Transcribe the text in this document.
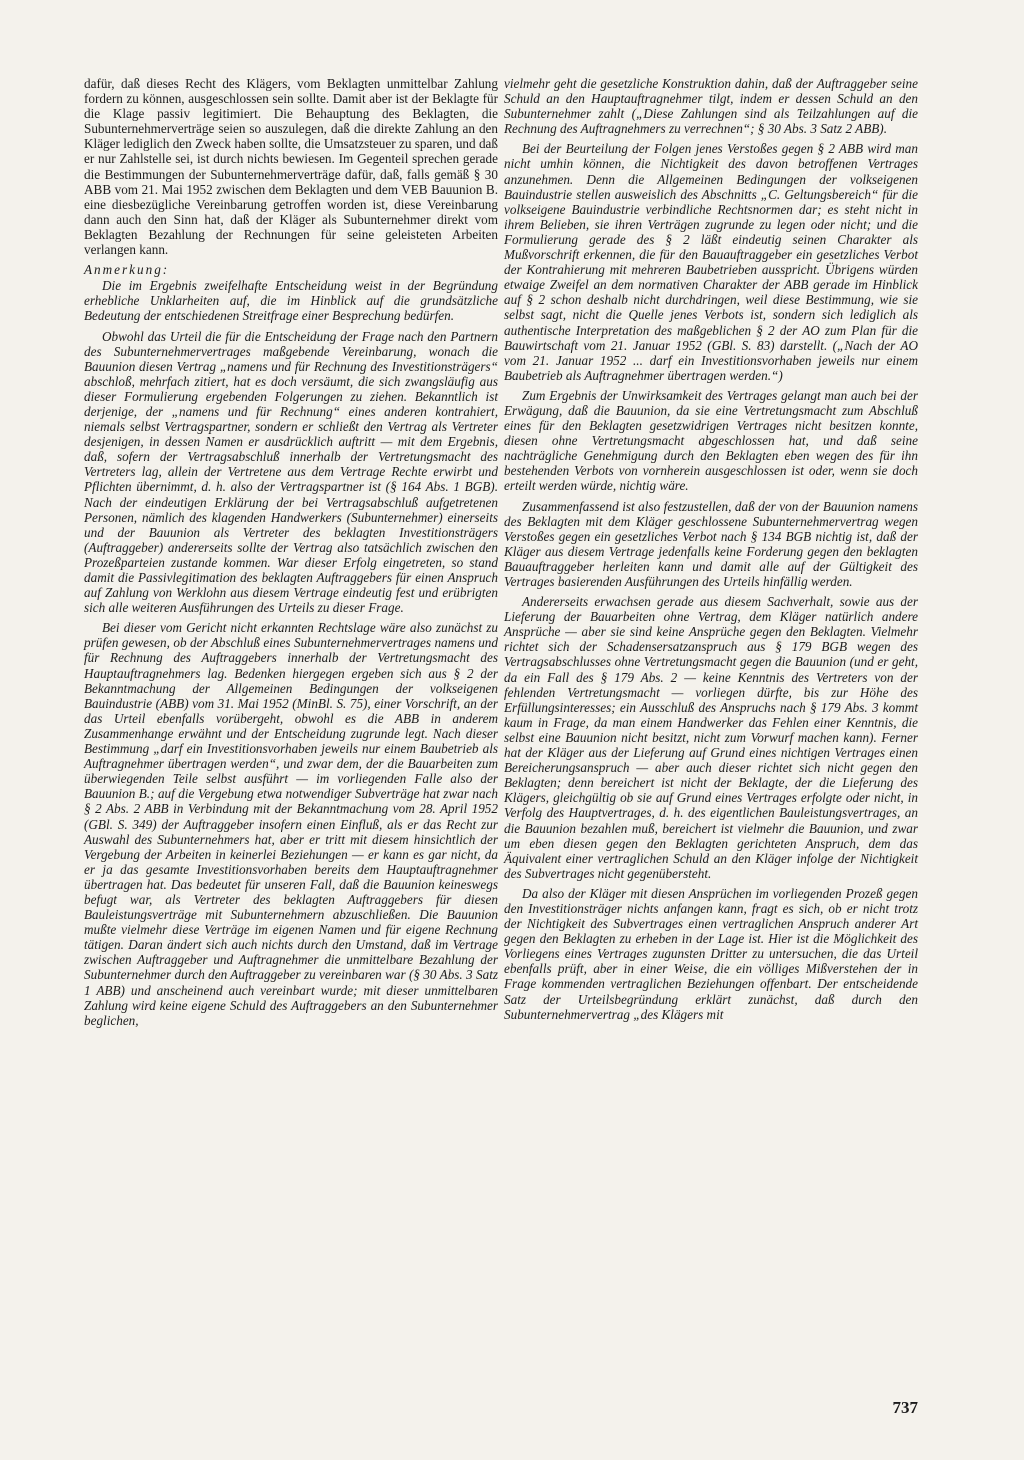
dafür, daß dieses Recht des Klägers, vom Beklagten unmittelbar Zahlung fordern zu können, ausgeschlossen sein sollte. Damit aber ist der Beklagte für die Klage passiv legitimiert. Die Behauptung des Beklagten, die Subunternehmerverträge seien so auszulegen, daß die direkte Zahlung an den Kläger lediglich den Zweck haben sollte, die Umsatzsteuer zu sparen, und daß er nur Zahlstelle sei, ist durch nichts bewiesen. Im Gegenteil sprechen gerade die Bestimmungen der Subunternehmerverträge dafür, daß, falls gemäß § 30 ABB vom 21. Mai 1952 zwischen dem Beklagten und dem VEB Bauunion B. eine diesbezügliche Vereinbarung getroffen worden ist, diese Vereinbarung dann auch den Sinn hat, daß der Kläger als Subunternehmer direkt vom Beklagten Bezahlung der Rechnungen für seine geleisteten Arbeiten verlangen kann.

Anmerkung:

Die im Ergebnis zweifelhafte Entscheidung weist in der Begründung erhebliche Unklarheiten auf, die im Hinblick auf die grundsätzliche Bedeutung der entschiedenen Streitfrage einer Besprechung bedürfen.

Obwohl das Urteil die für die Entscheidung der Frage nach den Partnern des Subunternehmervertrages maßgebende Vereinbarung, wonach die Bauunion diesen Vertrag „namens und für Rechnung des Investitionsträgers“ abschloß, mehrfach zitiert, hat es doch versäumt, die sich zwangsläufig aus dieser Formulierung ergebenden Folgerungen zu ziehen. Bekanntlich ist derjenige, der „namens und für Rechnung“ eines anderen kontrahiert, niemals selbst Vertragspartner, sondern er schließt den Vertrag als Vertreter desjenigen, in dessen Namen er ausdrücklich auftritt — mit dem Ergebnis, daß, sofern der Vertragsabschluß innerhalb der Vertretungsmacht des Vertreters lag, allein der Vertretene aus dem Vertrage Rechte erwirbt und Pflichten übernimmt, d. h. also der Vertragspartner ist (§ 164 Abs. 1 BGB). Nach der eindeutigen Erklärung der bei Vertragsabschluß aufgetretenen Personen, nämlich des klagenden Handwerkers (Subunternehmer) einerseits und der Bauunion als Vertreter des beklagten Investitionsträgers (Auftraggeber) andererseits sollte der Vertrag also tatsächlich zwischen den Prozeßparteien zustande kommen. War dieser Erfolg eingetreten, so stand damit die Passivlegitimation des beklagten Auftraggebers für einen Anspruch auf Zahlung von Werklohn aus diesem Vertrage eindeutig fest und erübrigten sich alle weiteren Ausführungen des Urteils zu dieser Frage.

Bei dieser vom Gericht nicht erkannten Rechtslage wäre also zunächst zu prüfen gewesen, ob der Abschluß eines Subunternehmervertrages namens und für Rechnung des Auftraggebers innerhalb der Vertretungsmacht des Hauptauftragnehmers lag. Bedenken hiergegen ergeben sich aus § 2 der Bekanntmachung der Allgemeinen Bedingungen der volkseigenen Bauindustrie (ABB) vom 31. Mai 1952 (MinBl. S. 75), einer Vorschrift, an der das Urteil ebenfalls vorübergeht, obwohl es die ABB in anderem Zusammenhange erwähnt und der Entscheidung zugrunde legt. Nach dieser Bestimmung „darf ein Investitionsvorhaben jeweils nur einem Baubetrieb als Auftragnehmer übertragen werden“, und zwar dem, der die Bauarbeiten zum überwiegenden Teile selbst ausführt — im vorliegenden Falle also der Bauunion B.; auf die Vergebung etwa notwendiger Subverträge hat zwar nach § 2 Abs. 2 ABB in Verbindung mit der Bekanntmachung vom 28. April 1952 (GBl. S. 349) der Auftraggeber insofern einen Einfluß, als er das Recht zur Auswahl des Subunternehmers hat, aber er tritt mit diesem hinsichtlich der Vergebung der Arbeiten in keinerlei Beziehungen — er kann es gar nicht, da er ja das gesamte Investitionsvorhaben bereits dem Hauptauftragnehmer übertragen hat. Das bedeutet für unseren Fall, daß die Bauunion keineswegs befugt war, als Vertreter des beklagten Auftraggebers für diesen Bauleistungsverträge mit Subunternehmern abzuschließen. Die Bauunion mußte vielmehr diese Verträge im eigenen Namen und für eigene Rechnung tätigen. Daran ändert sich auch nichts durch den Umstand, daß im Vertrage zwischen Auftraggeber und Auftragnehmer die unmittelbare Bezahlung der Subunternehmer durch den Auftraggeber zu vereinbaren war (§ 30 Abs. 3 Satz 1 ABB) und anscheinend auch vereinbart wurde; mit dieser unmittelbaren Zahlung wird keine eigene Schuld des Auftraggebers an den Subunternehmer beglichen,

vielmehr geht die gesetzliche Konstruktion dahin, daß der Auftraggeber seine Schuld an den Hauptauftragnehmer tilgt, indem er dessen Schuld an den Subunternehmer zahlt („Diese Zahlungen sind als Teilzahlungen auf die Rechnung des Auftragnehmers zu verrechnen“; § 30 Abs. 3 Satz 2 ABB).

Bei der Beurteilung der Folgen jenes Verstoßes gegen § 2 ABB wird man nicht umhin können, die Nichtigkeit des davon betroffenen Vertrages anzunehmen. Denn die Allgemeinen Bedingungen der volkseigenen Bauindustrie stellen ausweislich des Abschnitts „C. Geltungsbereich“ für die volkseigene Bauindustrie verbindliche Rechtsnormen dar; es steht nicht in ihrem Belieben, sie ihren Verträgen zugrunde zu legen oder nicht; und die Formulierung gerade des § 2 läßt eindeutig seinen Charakter als Mußvorschrift erkennen, die für den Bauauftraggeber ein gesetzliches Verbot der Kontrahierung mit mehreren Baubetrieben ausspricht. Übrigens würden etwaige Zweifel an dem normativen Charakter der ABB gerade im Hinblick auf § 2 schon deshalb nicht durchdringen, weil diese Bestimmung, wie sie selbst sagt, nicht die Quelle jenes Verbots ist, sondern sich lediglich als authentische Interpretation des maßgeblichen § 2 der AO zum Plan für die Bauwirtschaft vom 21. Januar 1952 (GBl. S. 83) darstellt. („Nach der AO vom 21. Januar 1952 ... darf ein Investitionsvorhaben jeweils nur einem Baubetrieb als Auftragnehmer übertragen werden.“)

Zum Ergebnis der Unwirksamkeit des Vertrages gelangt man auch bei der Erwägung, daß die Bauunion, da sie eine Vertretungsmacht zum Abschluß eines für den Beklagten gesetzwidrigen Vertrages nicht besitzen konnte, diesen ohne Vertretungsmacht abgeschlossen hat, und daß seine nachträgliche Genehmigung durch den Beklagten eben wegen des für ihn bestehenden Verbots von vornherein ausgeschlossen ist oder, wenn sie doch erteilt werden würde, nichtig wäre.

Zusammenfassend ist also festzustellen, daß der von der Bauunion namens des Beklagten mit dem Kläger geschlossene Subunternehmervertrag wegen Verstoßes gegen ein gesetzliches Verbot nach § 134 BGB nichtig ist, daß der Kläger aus diesem Vertrage jedenfalls keine Forderung gegen den beklagten Bauauftraggeber herleiten kann und damit alle auf der Gültigkeit des Vertrages basierenden Ausführungen des Urteils hinfällig werden.

Andererseits erwachsen gerade aus diesem Sachverhalt, sowie aus der Lieferung der Bauarbeiten ohne Vertrag, dem Kläger natürlich andere Ansprüche — aber sie sind keine Ansprüche gegen den Beklagten. Vielmehr richtet sich der Schadensersatzanspruch aus § 179 BGB wegen des Vertragsabschlusses ohne Vertretungsmacht gegen die Bauunion (und er geht, da ein Fall des § 179 Abs. 2 — keine Kenntnis des Vertreters von der fehlenden Vertretungsmacht — vorliegen dürfte, bis zur Höhe des Erfüllungsinteresses; ein Ausschluß des Anspruchs nach § 179 Abs. 3 kommt kaum in Frage, da man einem Handwerker das Fehlen einer Kenntnis, die selbst eine Bauunion nicht besitzt, nicht zum Vorwurf machen kann). Ferner hat der Kläger aus der Lieferung auf Grund eines nichtigen Vertrages einen Bereicherungsanspruch — aber auch dieser richtet sich nicht gegen den Beklagten; denn bereichert ist nicht der Beklagte, der die Lieferung des Klägers, gleichgültig ob sie auf Grund eines Vertrages erfolgte oder nicht, in Verfolg des Hauptvertrages, d. h. des eigentlichen Bauleistungsvertrages, an die Bauunion bezahlen muß, bereichert ist vielmehr die Bauunion, und zwar um eben diesen gegen den Beklagten gerichteten Anspruch, dem das Äquivalent einer vertraglichen Schuld an den Kläger infolge der Nichtigkeit des Subvertrages nicht gegenübersteht.

Da also der Kläger mit diesen Ansprüchen im vorliegenden Prozeß gegen den Investitionsträger nichts anfangen kann, fragt es sich, ob er nicht trotz der Nichtigkeit des Subvertrages einen vertraglichen Anspruch anderer Art gegen den Beklagten zu erheben in der Lage ist. Hier ist die Möglichkeit des Vorliegens eines Vertrages zugunsten Dritter zu untersuchen, die das Urteil ebenfalls prüft, aber in einer Weise, die ein völliges Mißverstehen der in Frage kommenden vertraglichen Beziehungen offenbart. Der entscheidende Satz der Urteilsbegründung erklärt zunächst, daß durch den Subunternehmervertrag „des Klägers mit

737
